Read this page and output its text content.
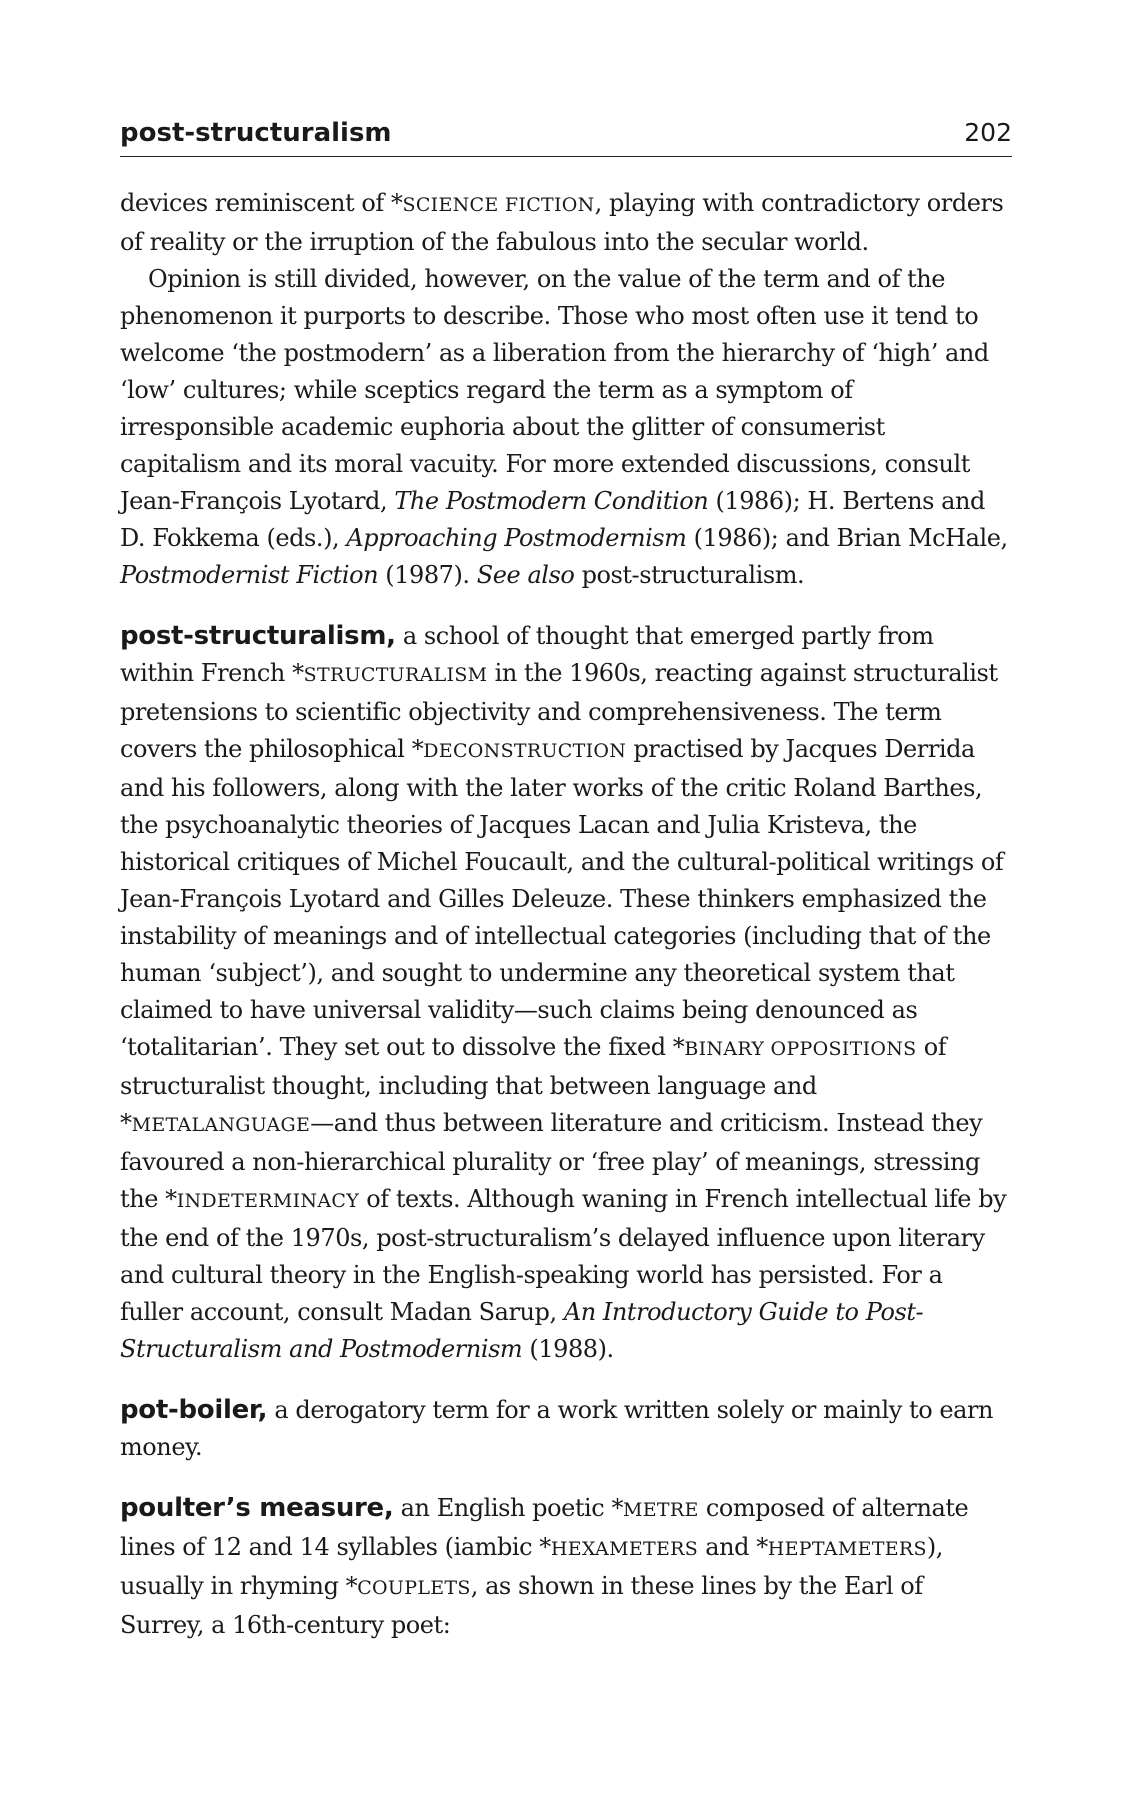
post-structuralism	202

devices reminiscent of *SCIENCE FICTION, playing with contradictory orders of reality or the irruption of the fabulous into the secular world.

Opinion is still divided, however, on the value of the term and of the phenomenon it purports to describe. Those who most often use it tend to welcome ‘the postmodern’ as a liberation from the hierarchy of ‘high’ and ‘low’ cultures; while sceptics regard the term as a symptom of irresponsible academic euphoria about the glitter of consumerist capitalism and its moral vacuity. For more extended discussions, consult Jean-François Lyotard, The Postmodern Condition (1986); H. Bertens and D. Fokkema (eds.), Approaching Postmodernism (1986); and Brian McHale, Postmodernist Fiction (1987). See also post-structuralism.

post-structuralism, a school of thought that emerged partly from within French *STRUCTURALISM in the 1960s, reacting against structuralist pretensions to scientific objectivity and comprehensiveness. The term covers the philosophical *DECONSTRUCTION practised by Jacques Derrida and his followers, along with the later works of the critic Roland Barthes, the psychoanalytic theories of Jacques Lacan and Julia Kristeva, the historical critiques of Michel Foucault, and the cultural-political writings of Jean-François Lyotard and Gilles Deleuze. These thinkers emphasized the instability of meanings and of intellectual categories (including that of the human ‘subject’), and sought to undermine any theoretical system that claimed to have universal validity—such claims being denounced as ‘totalitarian’. They set out to dissolve the fixed *BINARY OPPOSITIONS of structuralist thought, including that between language and *METALANGUAGE—and thus between literature and criticism. Instead they favoured a non-hierarchical plurality or ‘free play’ of meanings, stressing the *INDETERMINACY of texts. Although waning in French intellectual life by the end of the 1970s, post-structuralism’s delayed influence upon literary and cultural theory in the English-speaking world has persisted. For a fuller account, consult Madan Sarup, An Introductory Guide to Post-Structuralism and Postmodernism (1988).

pot-boiler, a derogatory term for a work written solely or mainly to earn money.

poulter’s measure, an English poetic *METRE composed of alternate lines of 12 and 14 syllables (iambic *HEXAMETERS and *HEPTAMETERS), usually in rhyming *COUPLETS, as shown in these lines by the Earl of Surrey, a 16th-century poet:
